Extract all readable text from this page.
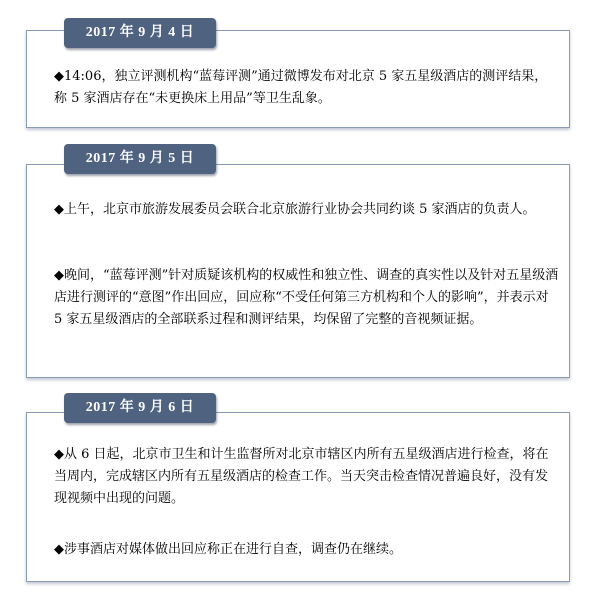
2017 年 9 月 4 日

◆14:06，独立评测机构“蓝莓评测”通过微博发布对北京 5 家五星级酒店的测评结果，称 5 家酒店存在“未更换床上用品”等卫生乱象。

2017 年 9 月 5 日

◆上午，北京市旅游发展委员会联合北京旅游行业协会共同约谈 5 家酒店的负责人。

◆晚间，“蓝莓评测”针对质疑该机构的权威性和独立性、调查的真实性以及针对五星级酒店进行测评的“意图”作出回应，回应称“不受任何第三方机构和个人的影响”，并表示对 5 家五星级酒店的全部联系过程和测评结果，均保留了完整的音视频证据。

2017 年 9 月 6 日

◆从 6 日起，北京市卫生和计生监督所对北京市辖区内所有五星级酒店进行检查，将在当周内，完成辖区内所有五星级酒店的检查工作。当天突击检查情况普遍良好，没有发现视频中出现的问题。

◆涉事酒店对媒体做出回应称正在进行自查，调查仍在继续。
